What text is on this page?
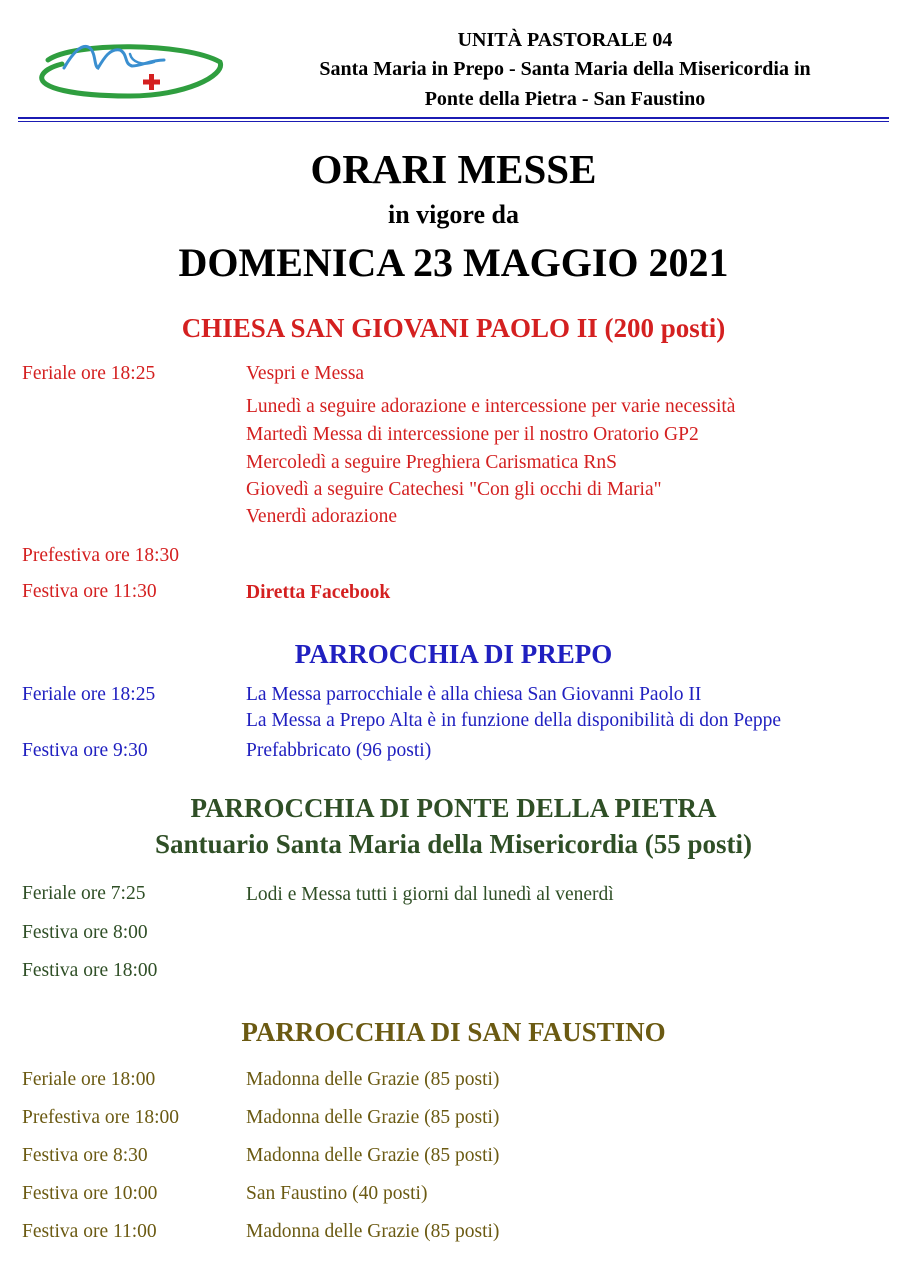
UNITÀ PASTORALE 04
Santa Maria in Prepo - Santa Maria della Misericordia in
Ponte della Pietra - San Faustino
ORARI MESSE
in vigore da
DOMENICA 23 MAGGIO 2021
CHIESA SAN GIOVANI PAOLO II (200 posti)
Feriale ore 18:25	Vespri e Messa
Lunedì a seguire adorazione e intercessione per varie necessità
Martedì Messa di intercessione per il nostro Oratorio GP2
Mercoledì a seguire Preghiera Carismatica RnS
Giovedì a seguire Catechesi "Con gli occhi di Maria"
Venerdì adorazione
Prefestiva ore 18:30
Festiva ore 11:30	Diretta Facebook
PARROCCHIA DI PREPO
Feriale ore 18:25	La Messa parrocchiale è alla chiesa San Giovanni Paolo II
La Messa a Prepo Alta è in funzione della disponibilità di don Peppe
Festiva ore 9:30	Prefabbricato (96 posti)
PARROCCHIA DI PONTE DELLA PIETRA
Santuario Santa Maria della Misericordia (55 posti)
Feriale ore 7:25	Lodi e Messa tutti i giorni dal lunedì al venerdì
Festiva ore 8:00
Festiva ore 18:00
PARROCCHIA DI SAN FAUSTINO
Feriale ore 18:00	Madonna delle Grazie (85 posti)
Prefestiva ore 18:00	Madonna delle Grazie (85 posti)
Festiva ore 8:30	Madonna delle Grazie (85 posti)
Festiva ore 10:00	San Faustino (40 posti)
Festiva ore 11:00	Madonna delle Grazie (85 posti)
